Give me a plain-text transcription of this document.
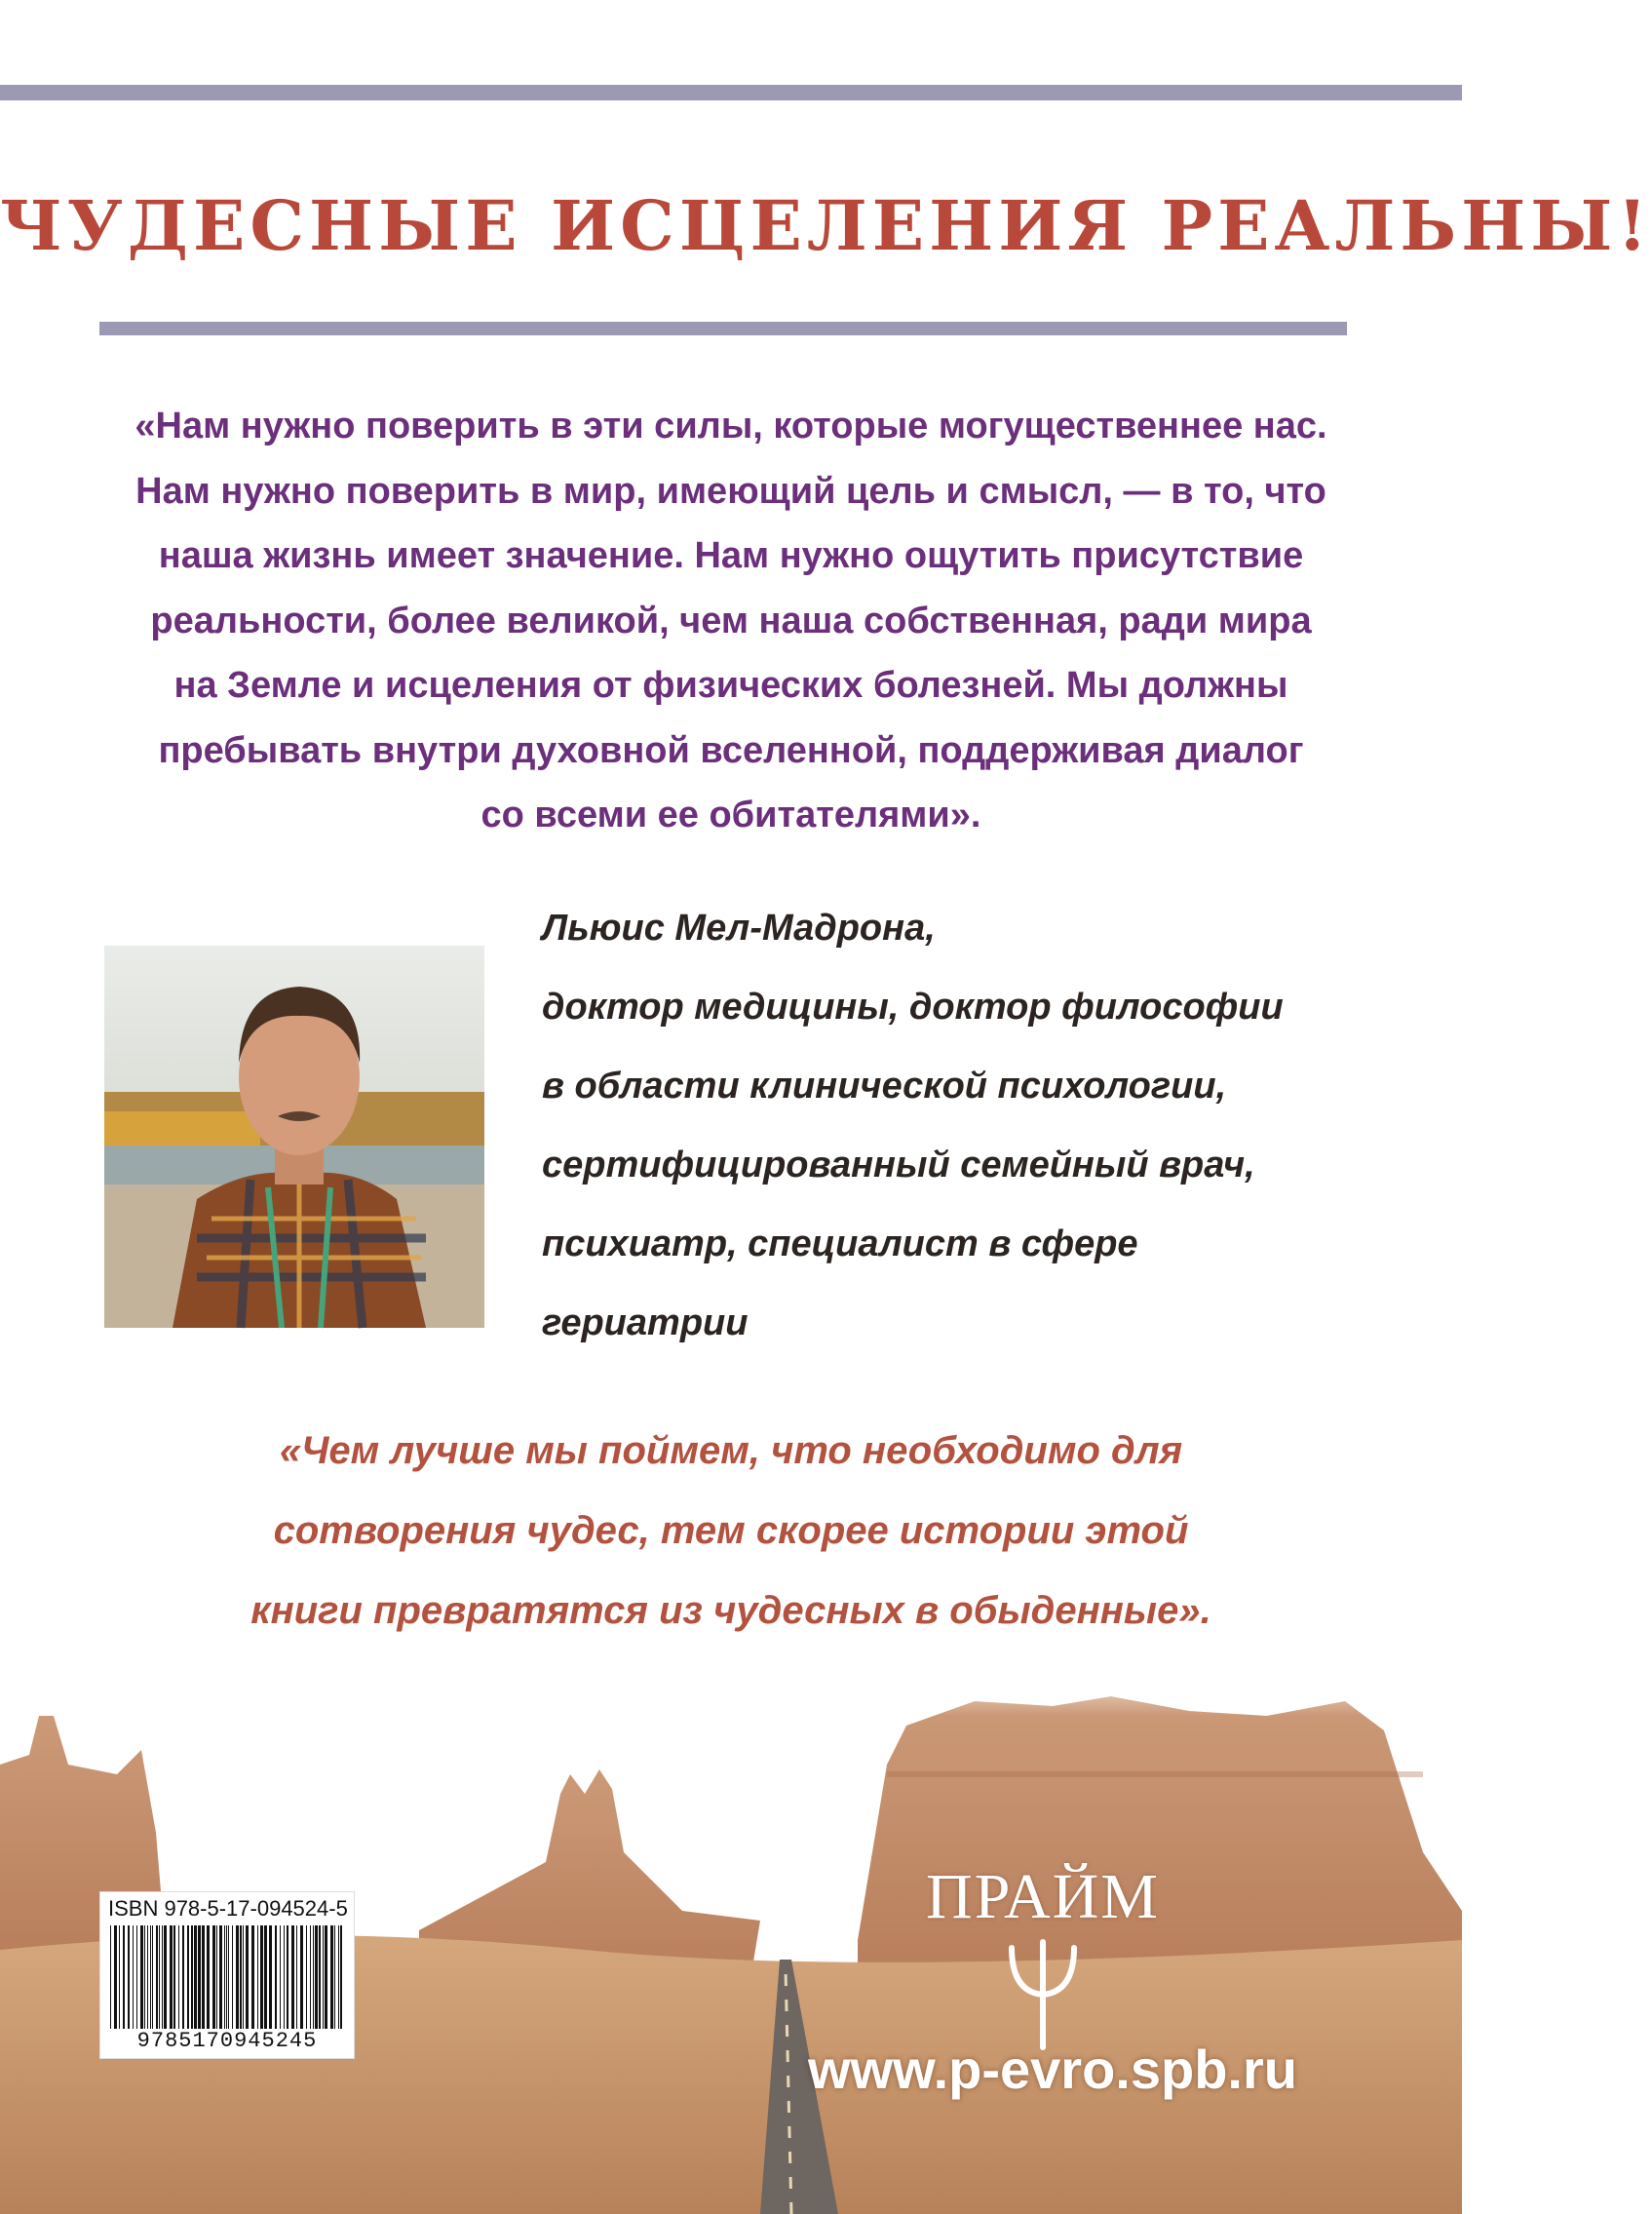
ЧУДЕСНЫЕ ИСЦЕЛЕНИЯ РЕАЛЬНЫ!
«Нам нужно поверить в эти силы, которые могущественнее нас.
Нам нужно поверить в мир, имеющий цель и смысл, — в то, что
наша жизнь имеет значение. Нам нужно ощутить присутствие
реальности, более великой, чем наша собственная, ради мира
на Земле и исцеления от физических болезней. Мы должны
пребывать внутри духовной вселенной, поддерживая диалог
со всеми ее обитателями».
Льюис Мел-Мадрона,
доктор медицины, доктор философии
в области клинической психологии,
сертифицированный семейный врач,
психиатр, специалист в сфере
гериатрии
«Чем лучше мы поймем, что необходимо для
сотворения чудес, тем скорее истории этой
книги превратятся из чудесных в обыденные».
ISBN 978-5-17-094524-5
9785170945245
ПРАЙМ
www.p-evro.spb.ru
